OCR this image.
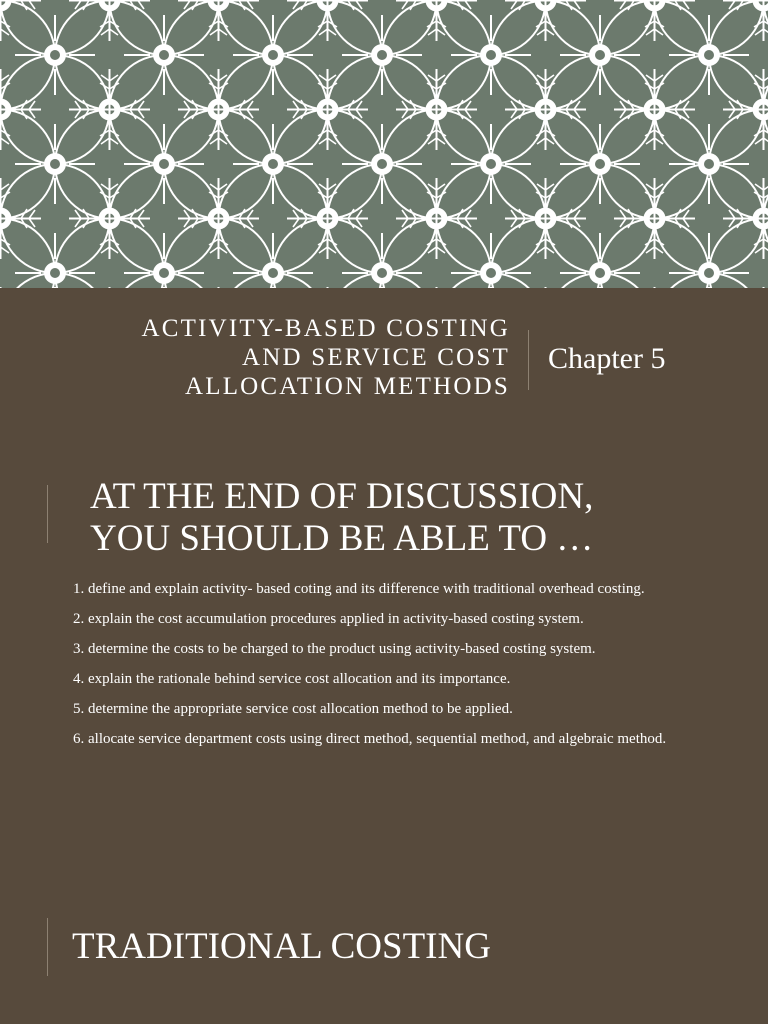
ACTIVITY-BASED COSTING
AND SERVICE COST
ALLOCATION METHODS
Chapter 5
AT THE END OF DISCUSSION,
YOU SHOULD BE ABLE TO …
1. define and explain activity- based coting and its difference with traditional overhead costing.
2. explain the cost accumulation procedures applied in activity-based costing system.
3. determine the costs to be charged to the product using activity-based costing system.
4. explain the rationale behind service cost allocation and its importance.
5. determine the appropriate service cost allocation method to be applied.
6. allocate service department costs using direct method, sequential method, and algebraic method.
TRADITIONAL COSTING
